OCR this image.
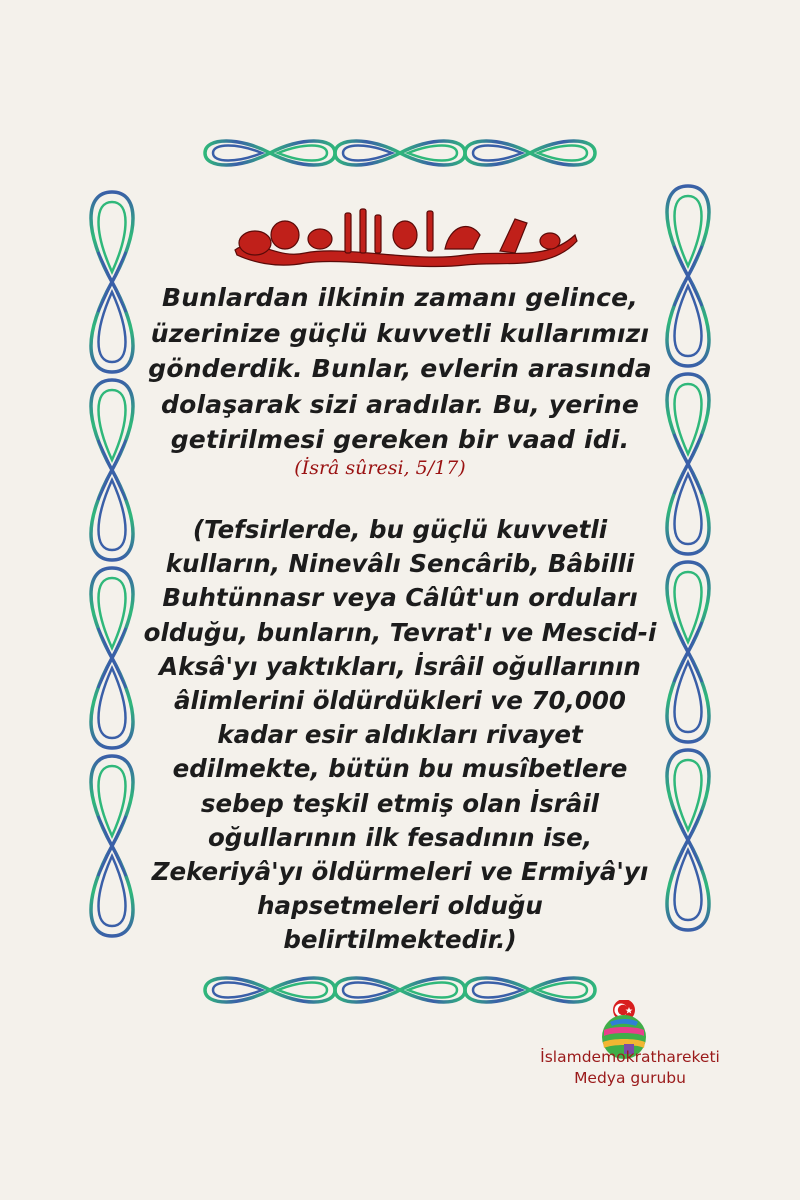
Bunlardan ilkinin zamanı gelince,
üzerinize güçlü kuvvetli kullarımızı
gönderdik. Bunlar, evlerin arasında
dolaşarak sizi aradılar. Bu, yerine
getirilmesi gereken bir vaad idi.

(İsrâ sûresi, 5/17)

(Tefsirlerde, bu güçlü kuvvetli
kulların, Ninevâlı Sencârib, Bâbilli
Buhtünnasr veya Câlût'un orduları
olduğu, bunların, Tevrat'ı ve Mescid-i
Aksâ'yı yaktıkları, İsrâil oğullarının
âlimlerini öldürdükleri ve 70,000
kadar esir aldıkları rivayet
edilmekte, bütün bu musîbetlere
sebep teşkil etmiş olan İsrâil
oğullarının ilk fesadının ise,
Zekeriyâ'yı öldürmeleri ve Ermiyâ'yı
hapsetmeleri olduğu
belirtilmektedir.)

İslamdemokrathareketi

Medya gurubu
